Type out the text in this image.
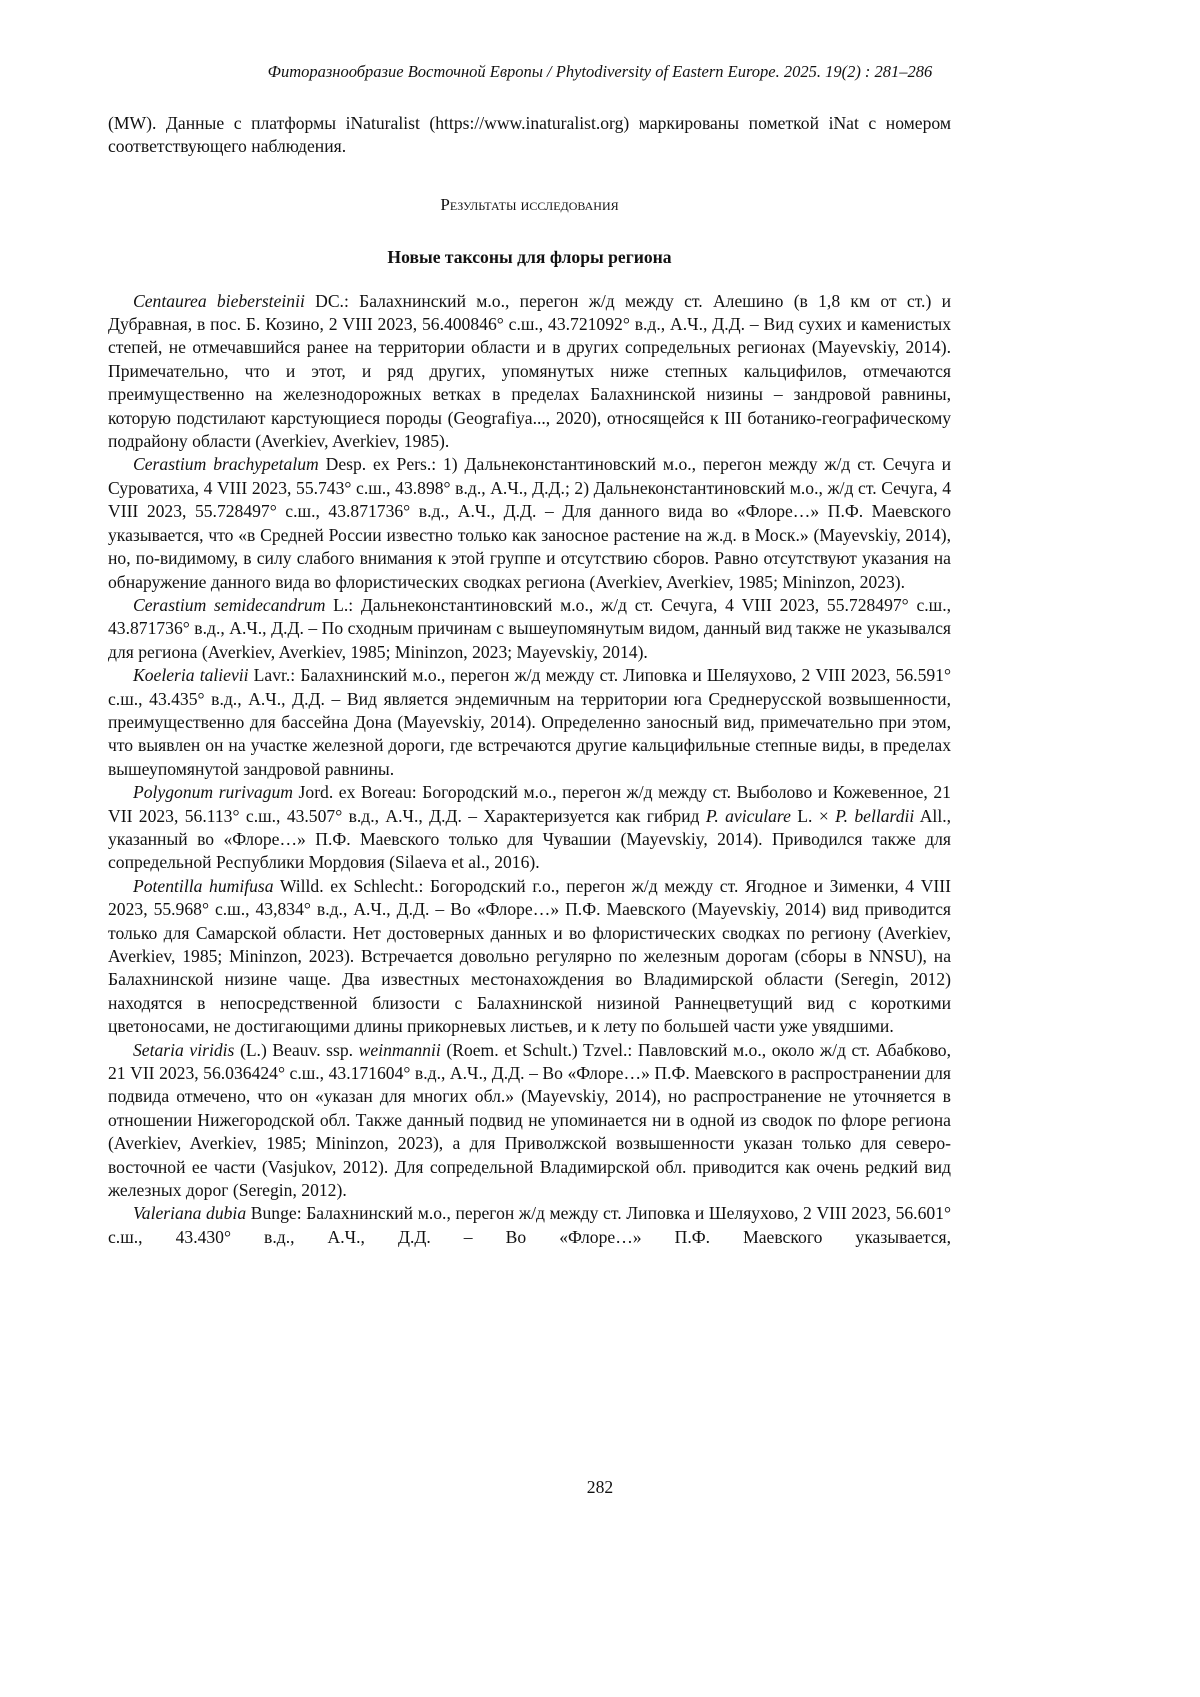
Фиторазнообразие Восточной Европы / Phytodiversity of Eastern Europe. 2025. 19(2) : 281–286

(MW). Данные с платформы iNaturalist (https://www.inaturalist.org) маркированы пометкой iNat с номером соответствующего наблюдения.

Результаты исследования
Новые таксоны для флоры региона

Centaurea biebersteinii DC.: Балахнинский м.о., перегон ж/д между ст. Алешино (в 1,8 км от ст.) и Дубравная, в пос. Б. Козино, 2 VIII 2023, 56.400846° с.ш., 43.721092° в.д., А.Ч., Д.Д. – Вид сухих и каменистых степей, не отмечавшийся ранее на территории области и в других сопредельных регионах (Mayevskiy, 2014). Примечательно, что и этот, и ряд других, упомянутых ниже степных кальцифилов, отмечаются преимущественно на железнодорожных ветках в пределах Балахнинской низины – зандровой равнины, которую подстилают карстующиеся породы (Geografiya..., 2020), относящейся к III ботанико-географическому подрайону области (Averkiev, Averkiev, 1985).

Cerastium brachypetalum Desp. ex Pers.: 1) Дальнеконстантиновский м.о., перегон между ж/д ст. Сечуга и Суроватиха, 4 VIII 2023, 55.743° с.ш., 43.898° в.д., А.Ч., Д.Д.; 2) Дальнеконстантиновский м.о., ж/д ст. Сечуга, 4 VIII 2023, 55.728497° с.ш., 43.871736° в.д., А.Ч., Д.Д. – Для данного вида во «Флоре…» П.Ф. Маевского указывается, что «в Средней России известно только как заносное растение на ж.д. в Моск.» (Mayevskiy, 2014), но, по-видимому, в силу слабого внимания к этой группе и отсутствию сборов. Равно отсутствуют указания на обнаружение данного вида во флористических сводках региона (Averkiev, Averkiev, 1985; Mininzon, 2023).

Cerastium semidecandrum L.: Дальнеконстантиновский м.о., ж/д ст. Сечуга, 4 VIII 2023, 55.728497° с.ш., 43.871736° в.д., А.Ч., Д.Д. – По сходным причинам с вышеупомянутым видом, данный вид также не указывался для региона (Averkiev, Averkiev, 1985; Mininzon, 2023; Mayevskiy, 2014).

Koeleria talievii Lavr.: Балахнинский м.о., перегон ж/д между ст. Липовка и Шеляухово, 2 VIII 2023, 56.591° с.ш., 43.435° в.д., А.Ч., Д.Д. – Вид является эндемичным на территории юга Среднерусской возвышенности, преимущественно для бассейна Дона (Mayevskiy, 2014). Определенно заносный вид, примечательно при этом, что выявлен он на участке железной дороги, где встречаются другие кальцифильные степные виды, в пределах вышеупомянутой зандровой равнины.

Polygonum rurivagum Jord. ex Boreau: Богородский м.о., перегон ж/д между ст. Выболово и Кожевенное, 21 VII 2023, 56.113° с.ш., 43.507° в.д., А.Ч., Д.Д. – Характеризуется как гибрид P. aviculare L. × P. bellardii All., указанный во «Флоре…» П.Ф. Маевского только для Чувашии (Mayevskiy, 2014). Приводился также для сопредельной Республики Мордовия (Silaeva et al., 2016).

Potentilla humifusa Willd. ex Schlecht.: Богородский г.о., перегон ж/д между ст. Ягодное и Зименки, 4 VIII 2023, 55.968° с.ш., 43,834° в.д., А.Ч., Д.Д. – Во «Флоре…» П.Ф. Маевского (Mayevskiy, 2014) вид приводится только для Самарской области. Нет достоверных данных и во флористических сводках по региону (Averkiev, Averkiev, 1985; Mininzon, 2023). Встречается довольно регулярно по железным дорогам (сборы в NNSU), на Балахнинской низине чаще. Два известных местонахождения во Владимирской области (Seregin, 2012) находятся в непосредственной близости с Балахнинской низиной Раннецветущий вид с короткими цветоносами, не достигающими длины прикорневых листьев, и к лету по большей части уже увядшими.

Setaria viridis (L.) Beauv. ssp. weinmannii (Roem. et Schult.) Tzvel.: Павловский м.о., около ж/д ст. Абабково, 21 VII 2023, 56.036424° с.ш., 43.171604° в.д., А.Ч., Д.Д. – Во «Флоре…» П.Ф. Маевского в распространении для подвида отмечено, что он «указан для многих обл.» (Mayevskiy, 2014), но распространение не уточняется в отношении Нижегородской обл. Также данный подвид не упоминается ни в одной из сводок по флоре региона (Averkiev, Averkiev, 1985; Mininzon, 2023), а для Приволжской возвышенности указан только для северо-восточной ее части (Vasjukov, 2012). Для сопредельной Владимирской обл. приводится как очень редкий вид железных дорог (Seregin, 2012).

Valeriana dubia Bunge: Балахнинский м.о., перегон ж/д между ст. Липовка и Шеляухово, 2 VIII 2023, 56.601° с.ш., 43.430° в.д., А.Ч., Д.Д. – Во «Флоре…» П.Ф. Маевского указывается,

282
